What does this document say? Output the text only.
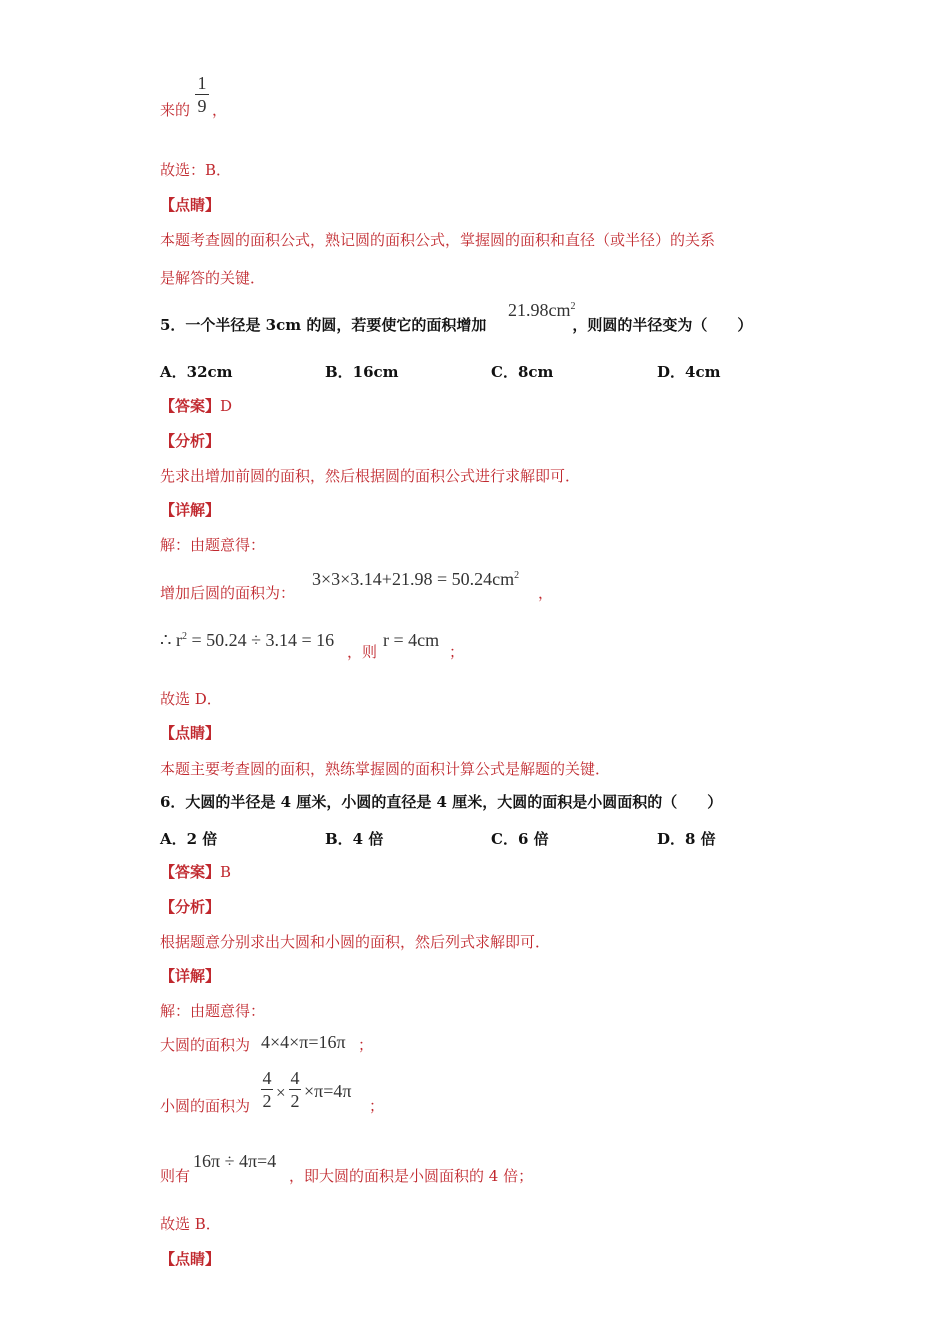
1
9
来的 ，
故选：B．
【点睛】
本题考查圆的面积公式，熟记圆的面积公式，掌握圆的面积和直径（或半径）的关系
是解答的关键．
5．一个半径是 3cm 的圆，若要使它的面积增加	，则圆的半径变为（　　）
$21.98cm^2$
A．32cm	B．16cm	C．8cm	D．4cm
【答案】D
【分析】
先求出增加前圆的面积，然后根据圆的面积公式进行求解即可．
【详解】
解：由题意得：
增加后圆的面积为：	，
$3\times 3\times 3.14+21.98 = 50.24cm^2$
∴ $r^2 = 50.24 \div 3.14 = 16$
，则
r = 4cm
；
故选 D．
【点睛】
本题主要考查圆的面积，熟练掌握圆的面积计算公式是解题的关键．
6．大圆的半径是 4 厘米，小圆的直径是 4 厘米，大圆的面积是小圆面积的（　　）
A．2 倍	B．4 倍	C．6 倍	D．8 倍
【答案】B
【分析】
根据题意分别求出大圆和小圆的面积，然后列式求解即可．
【详解】
解：由题意得：
大圆的面积为	；
4×4×π=16π
小圆的面积为
4
2 ×
4
2 ×π=4π
；
则有	，即大圆的面积是小圆面积的 4 倍；
16π ÷ 4π=4
故选 B．
【点睛】
